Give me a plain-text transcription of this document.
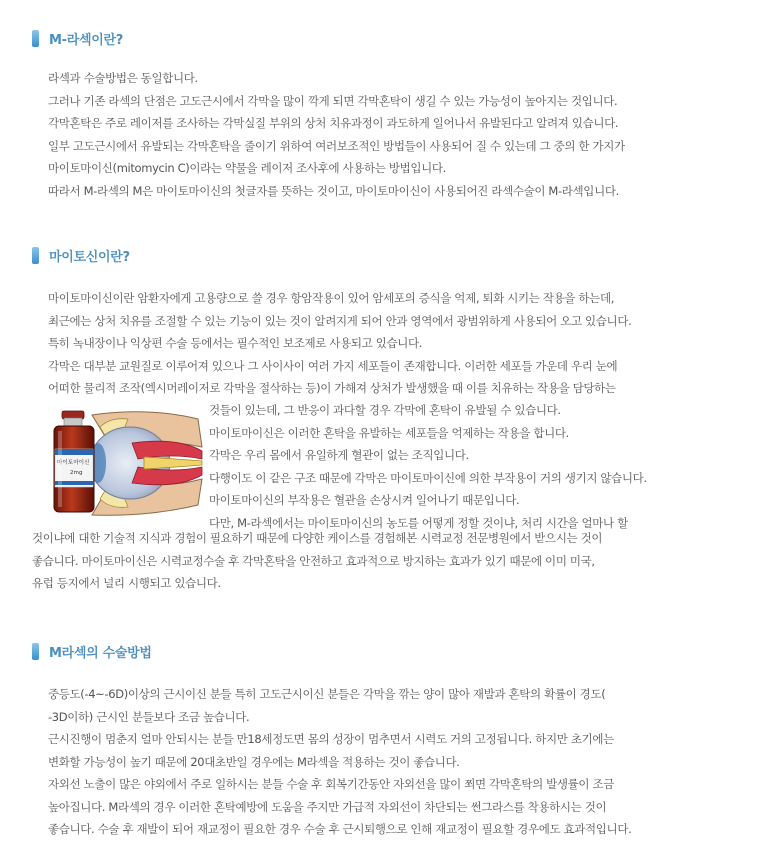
M-라섹이란?
라섹과 수술방법은 동일합니다.
그러나 기존 라섹의 단점은 고도근시에서 각막을 많이 깍게 되면 각막혼탁이 생길 수 있는 가능성이 높아지는 것입니다.
각막혼탁은 주로 레이저를 조사하는 각막실질 부위의 상처 치유과정이 과도하게 일어나서 유발된다고 알려져 있습니다.
일부 고도근시에서 유발되는 각막혼탁을 줄이기 위하여 여러보조적인 방법들이 사용되어 질 수 있는데 그 중의 한 가지가
마이토마이신(mitomycin C)이라는 약물을 레이저 조사후에 사용하는 방법입니다.
따라서 M-라섹의 M은 마이토마이신의 첫글자를 뜻하는 것이고, 마이토마이신이 사용되어진 라섹수술이 M-라섹입니다.
마이토신이란?
마이토마이신이란 암환자에게 고용량으로 쓸 경우 항암작용이 있어 암세포의 증식을 억제, 퇴화 시키는 작용을 하는데,
최근에는 상처 치유를 조절할 수 있는 기능이 있는 것이 알려지게 되어 안과 영역에서 광범위하게 사용되어 오고 있습니다.
특히 녹내장이나 익상편 수술 등에서는 필수적인 보조제로 사용되고 있습니다.
각막은 대부분 교원질로 이루어져 있으나 그 사이사이 여러 가지 세포들이 존재합니다. 이러한 세포들 가운데 우리 눈에
어떠한 물리적 조작(엑시머레이저로 각막을 절삭하는 등)이 가해져 상처가 발생했을 때 이를 치유하는 작용을 담당하는
마이토마이신
2mg
것들이 있는데, 그 반응이 과다할 경우 각막에 혼탁이 유발될 수 있습니다.
마이토마이신은 이러한 혼탁을 유발하는 세포들을 억제하는 작용을 합니다.
각막은 우리 몸에서 유일하게 혈관이 없는 조직입니다.
다행이도 이 같은 구조 때문에 각막은 마이토마이신에 의한 부작용이 거의 생기지 않습니다.
마이토마이신의 부작용은 혈관을 손상시켜 일어나기 때문입니다.
다만, M-라섹에서는 마이토마이신의 농도를 어떻게 정할 것이냐, 처리 시간을 얼마나 할
것이냐에 대한 기술적 지식과 경험이 필요하기 때문에 다양한 케이스를 경험해본 시력교정 전문병원에서 받으시는 것이
좋습니다. 마이토마이신은 시력교정수술 후 각막혼탁을 안전하고 효과적으로 방지하는 효과가 있기 때문에 이미 미국,
유럽 등지에서 널리 시행되고 있습니다.
M라섹의 수술방법
중등도(-4~-6D)이상의 근시이신 분들 특히 고도근시이신 분들은 각막을 깎는 양이 많아 재발과 혼탁의 확률이 경도(
-3D이하) 근시인 분들보다 조금 높습니다.
근시진행이 멈춘지 얼마 안되시는 분들 만18세정도면 몸의 성장이 멈추면서 시력도 거의 고정됩니다. 하지만 초기에는
변화할 가능성이 높기 때문에 20대초반일 경우에는 M라섹을 적용하는 것이 좋습니다.
자외선 노출이 많은 야외에서 주로 일하시는 분들 수술 후 회복기간동안 자외선을 많이 쬐면 각막혼탁의 발생률이 조금
높아집니다. M라섹의 경우 이러한 혼탁예방에 도움을 주지만 가급적 자외선이 차단되는 썬그라스를 착용하시는 것이
좋습니다. 수술 후 재발이 되어 재교정이 필요한 경우 수술 후 근시퇴행으로 인해 재교정이 필요할 경우에도 효과적입니다.
